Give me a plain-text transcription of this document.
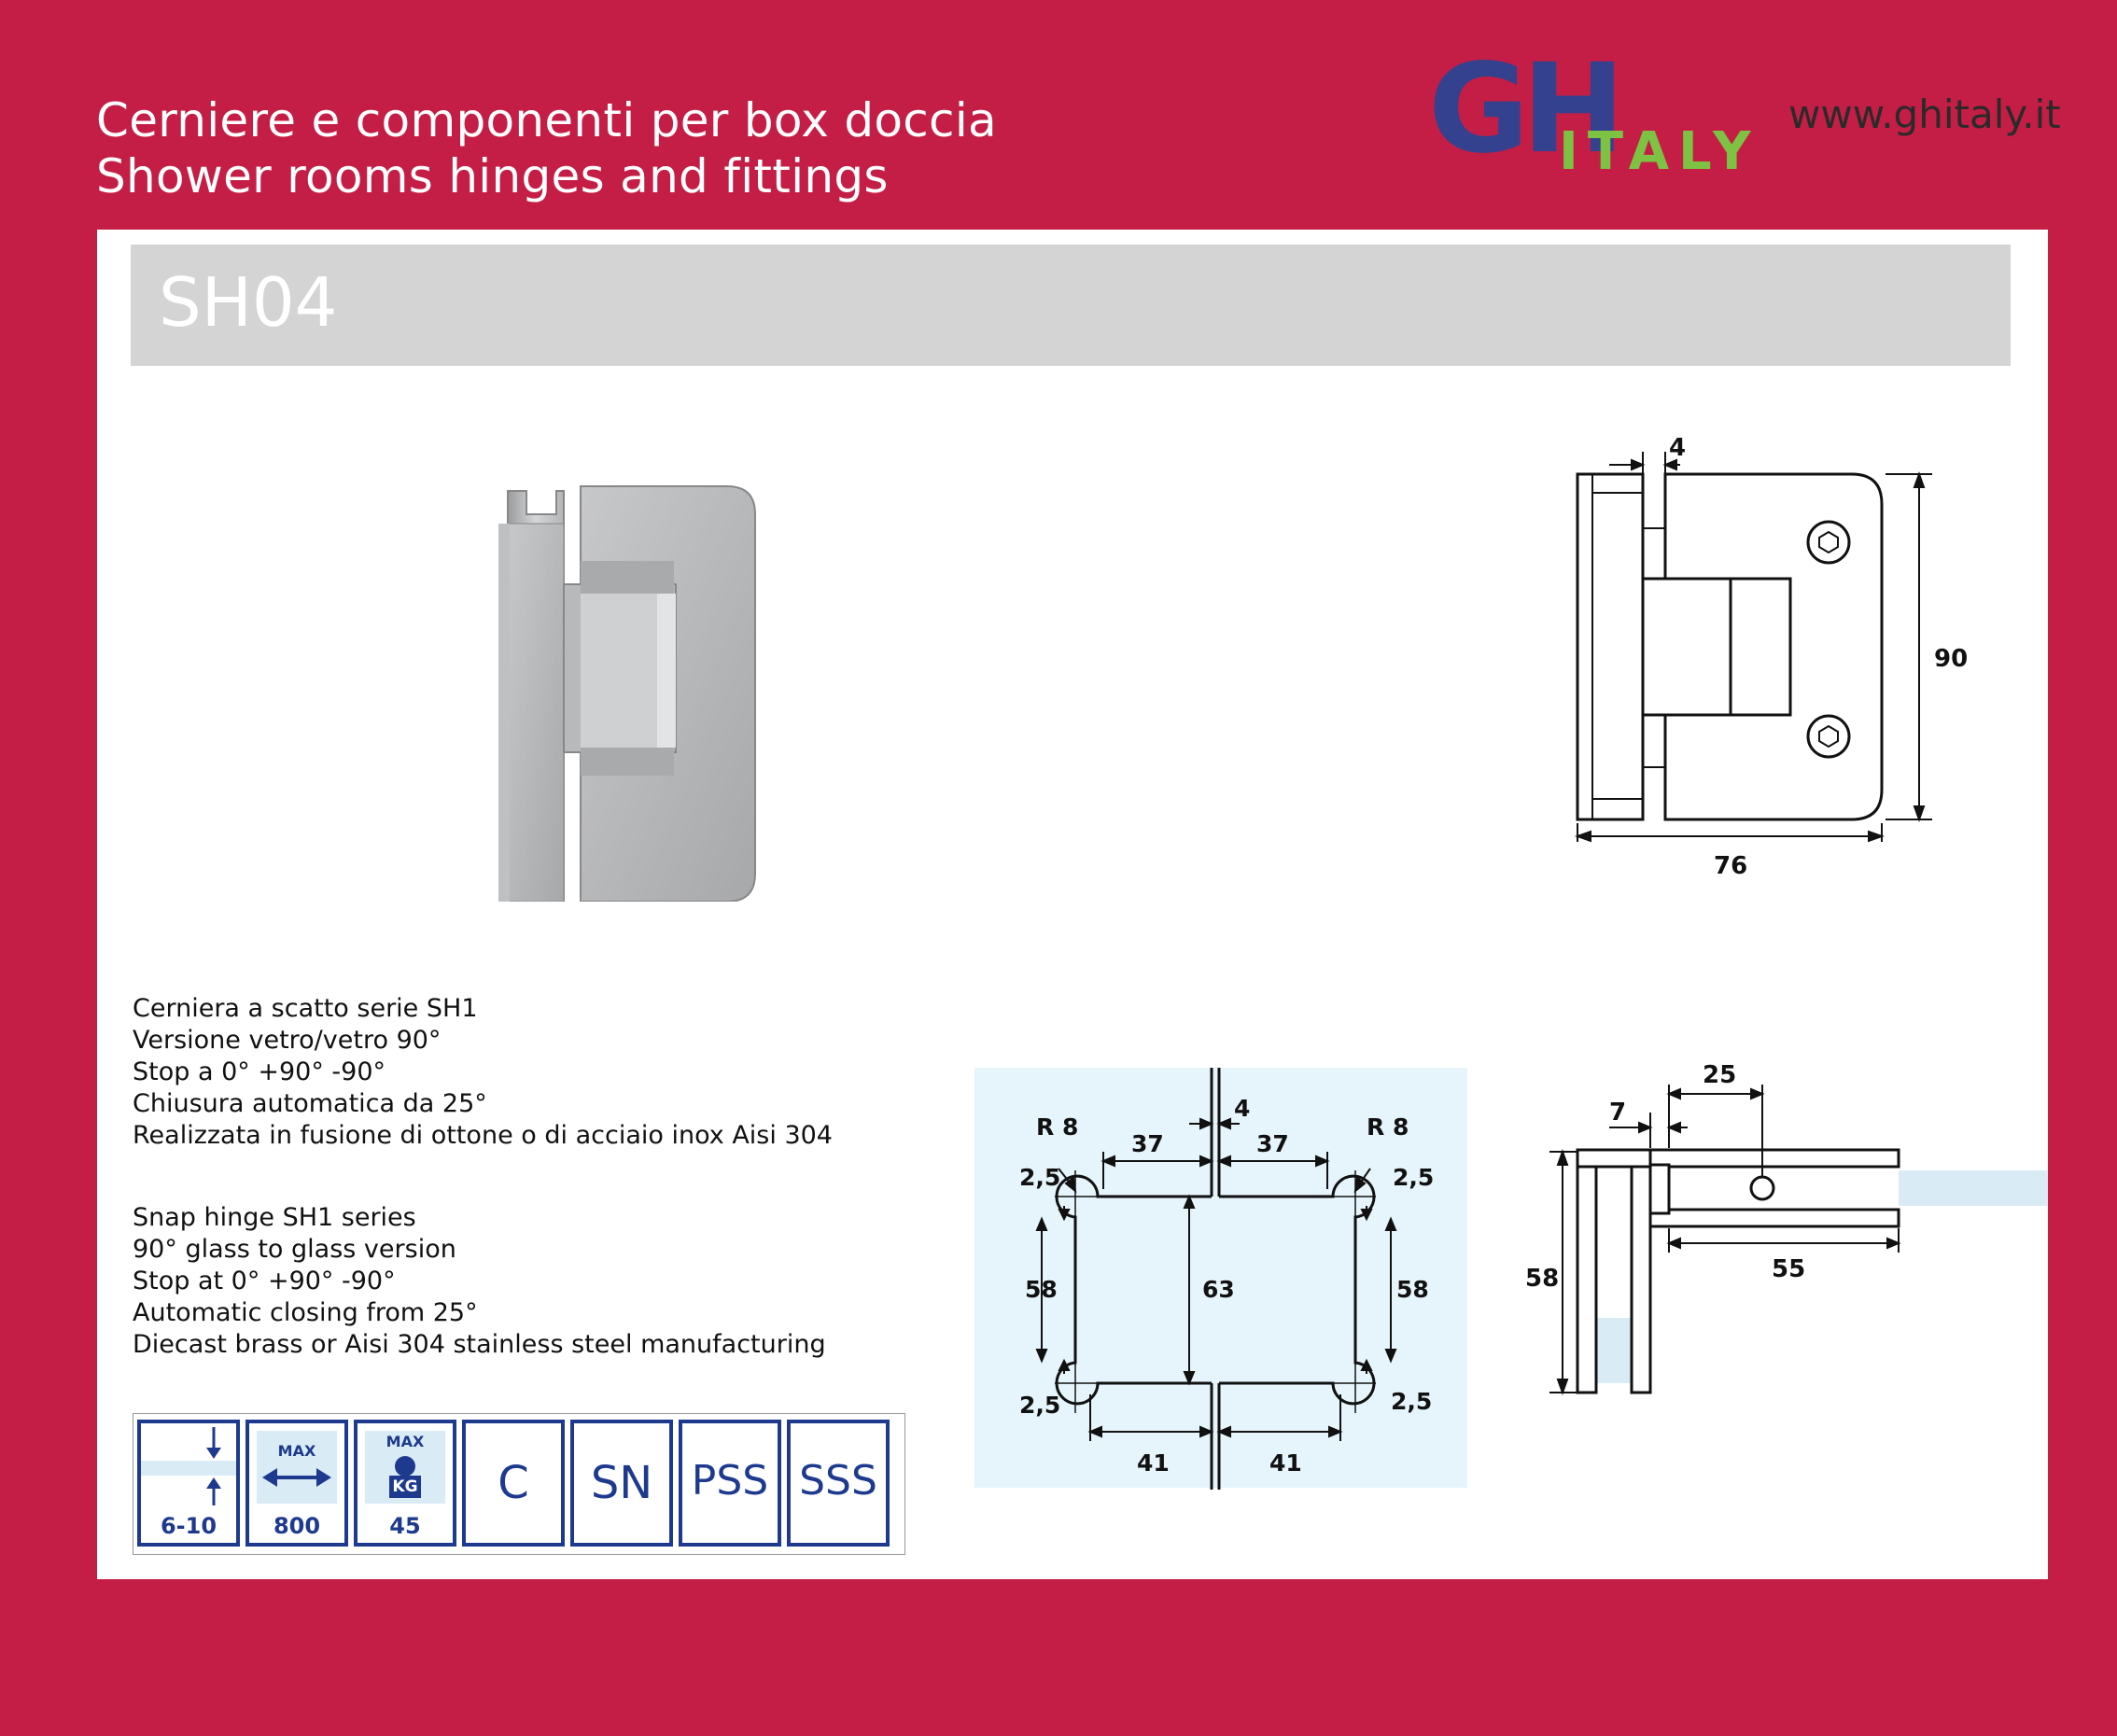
Cerniere e componenti per box doccia
Shower rooms hinges and fittings	GH
ITALY
www.ghitaly.it
SH04
Cerniera a scatto serie SH1
Versione vetro/vetro 90°
Stop a 0° +90° -90°
Chiusura automatica da 25°
Realizzata in fusione di ottone o di acciaio inox Aisi 304
Snap hinge SH1 series
90° glass to glass version
Stop at 0° +90° -90°
Automatic closing from 25°
Diecast brass or Aisi 304 stainless steel manufacturing
6-10
MAX
800
MAX
KG
45
C	SN PSS SSS
4
90
76
R 8	R 8
37
4
37
2,5	2,5
58	63	58
2,5	2,5
41	41
7
25
58	55
